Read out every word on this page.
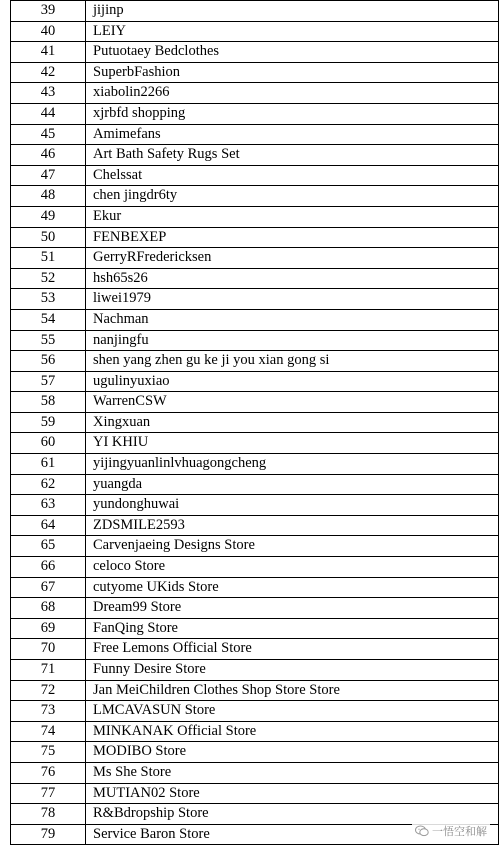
39	jijinp
40	LEIY
41	Putuotaey Bedclothes
42	SuperbFashion
43	xiabolin2266
44	xjrbfd shopping
45	Amimefans
46	Art Bath Safety Rugs Set
47	Chelssat
48	chen jingdr6ty
49	Ekur
50	FENBEXEP
51	GerryRFredericksen
52	hsh65s26
53	liwei1979
54	Nachman
55	nanjingfu
56	shen yang zhen gu ke ji you xian gong si
57	ugulinyuxiao
58	WarrenCSW
59	Xingxuan
60	YI KHIU
61	yijingyuanlinlvhuagongcheng
62	yuangda
63	yundonghuwai
64	ZDSMILE2593
65	Carvenjaeing Designs Store
66	celoco Store
67	cutyome UKids Store
68	Dream99 Store
69	FanQing Store
70	Free Lemons Official Store
71	Funny Desire Store
72	Jan MeiChildren Clothes Shop Store Store
73	LMCAVASUN Store
74	MINKANAK Official Store
75	MODIBO Store
76	Ms She Store
77	MUTIAN02 Store
78	R&Bdropship Store
79	Service Baron Store	一悟空和解
